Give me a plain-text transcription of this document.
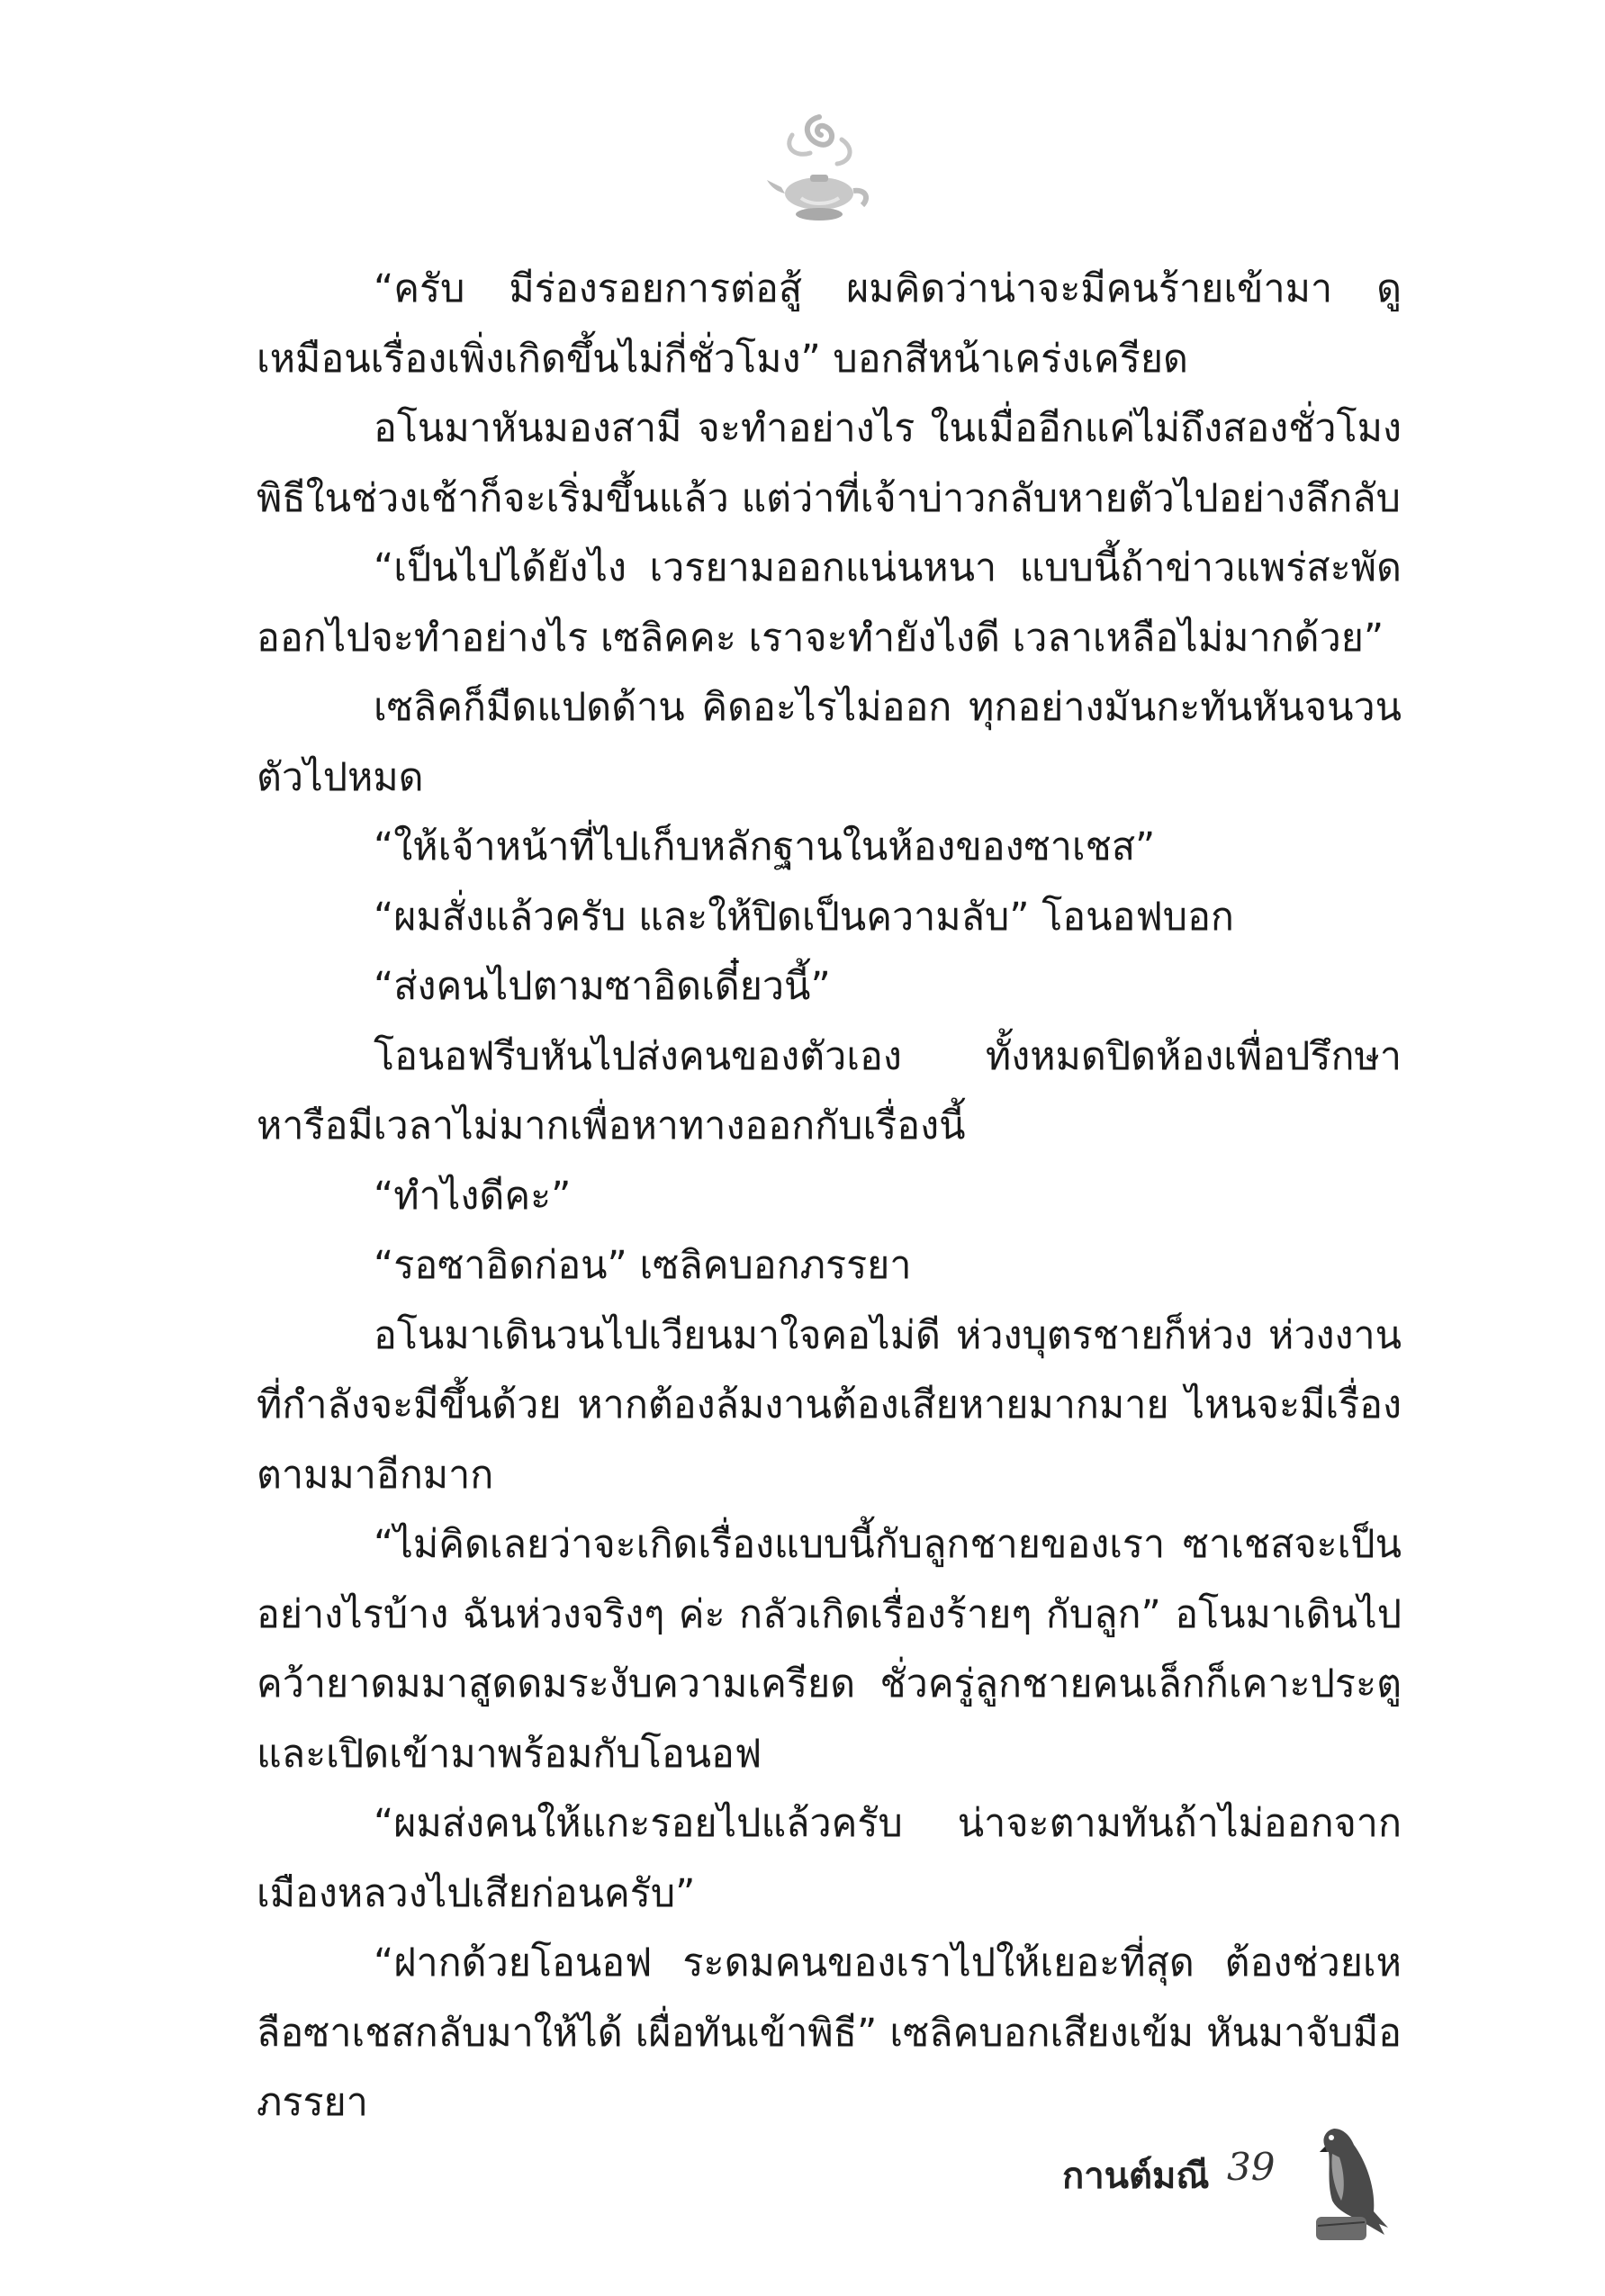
“ครับ มีร่องรอยการต่อสู้ ผมคิดว่าน่าจะมีคนร้ายเข้ามา ดูเหมือนเรื่องเพิ่งเกิดขึ้นไม่กี่ชั่วโมง” บอกสีหน้าเคร่งเครียด

อโนมาหันมองสามี จะทำอย่างไร ในเมื่ออีกแค่ไม่ถึงสองชั่วโมงพิธีในช่วงเช้าก็จะเริ่มขึ้นแล้ว แต่ว่าที่เจ้าบ่าวกลับหายตัวไปอย่างลึกลับ

“เป็นไปได้ยังไง เวรยามออกแน่นหนา แบบนี้ถ้าข่าวแพร่สะพัดออกไปจะทำอย่างไร เซลิคคะ เราจะทำยังไงดี เวลาเหลือไม่มากด้วย”

เซลิคก็มืดแปดด้าน คิดอะไรไม่ออก ทุกอย่างมันกะทันหันจนวนตัวไปหมด

“ให้เจ้าหน้าที่ไปเก็บหลักฐานในห้องของซาเชส”

“ผมสั่งแล้วครับ และให้ปิดเป็นความลับ” โอนอฟบอก

“ส่งคนไปตามซาอิดเดี๋ยวนี้”

โอนอฟรีบหันไปส่งคนของตัวเอง ทั้งหมดปิดห้องเพื่อปรึกษาหารือมีเวลาไม่มากเพื่อหาทางออกกับเรื่องนี้

“ทำไงดีคะ”

“รอซาอิดก่อน” เซลิคบอกภรรยา

อโนมาเดินวนไปเวียนมาใจคอไม่ดี ห่วงบุตรชายก็ห่วง ห่วงงานที่กำลังจะมีขึ้นด้วย หากต้องล้มงานต้องเสียหายมากมาย ไหนจะมีเรื่องตามมาอีกมาก

“ไม่คิดเลยว่าจะเกิดเรื่องแบบนี้กับลูกชายของเรา ซาเชสจะเป็นอย่างไรบ้าง ฉันห่วงจริงๆ ค่ะ กลัวเกิดเรื่องร้ายๆ กับลูก” อโนมาเดินไปคว้ายาดมมาสูดดมระงับความเครียด ชั่วครู่ลูกชายคนเล็กก็เคาะประตูและเปิดเข้ามาพร้อมกับโอนอฟ

“ผมส่งคนให้แกะรอยไปแล้วครับ น่าจะตามทันถ้าไม่ออกจากเมืองหลวงไปเสียก่อนครับ”

“ฝากด้วยโอนอฟ ระดมคนของเราไปให้เยอะที่สุด ต้องช่วยเหลือซาเชสกลับมาให้ได้ เผื่อทันเข้าพิธี” เซลิคบอกเสียงเข้ม หันมาจับมือภรรยา

กานต์มณี 39
